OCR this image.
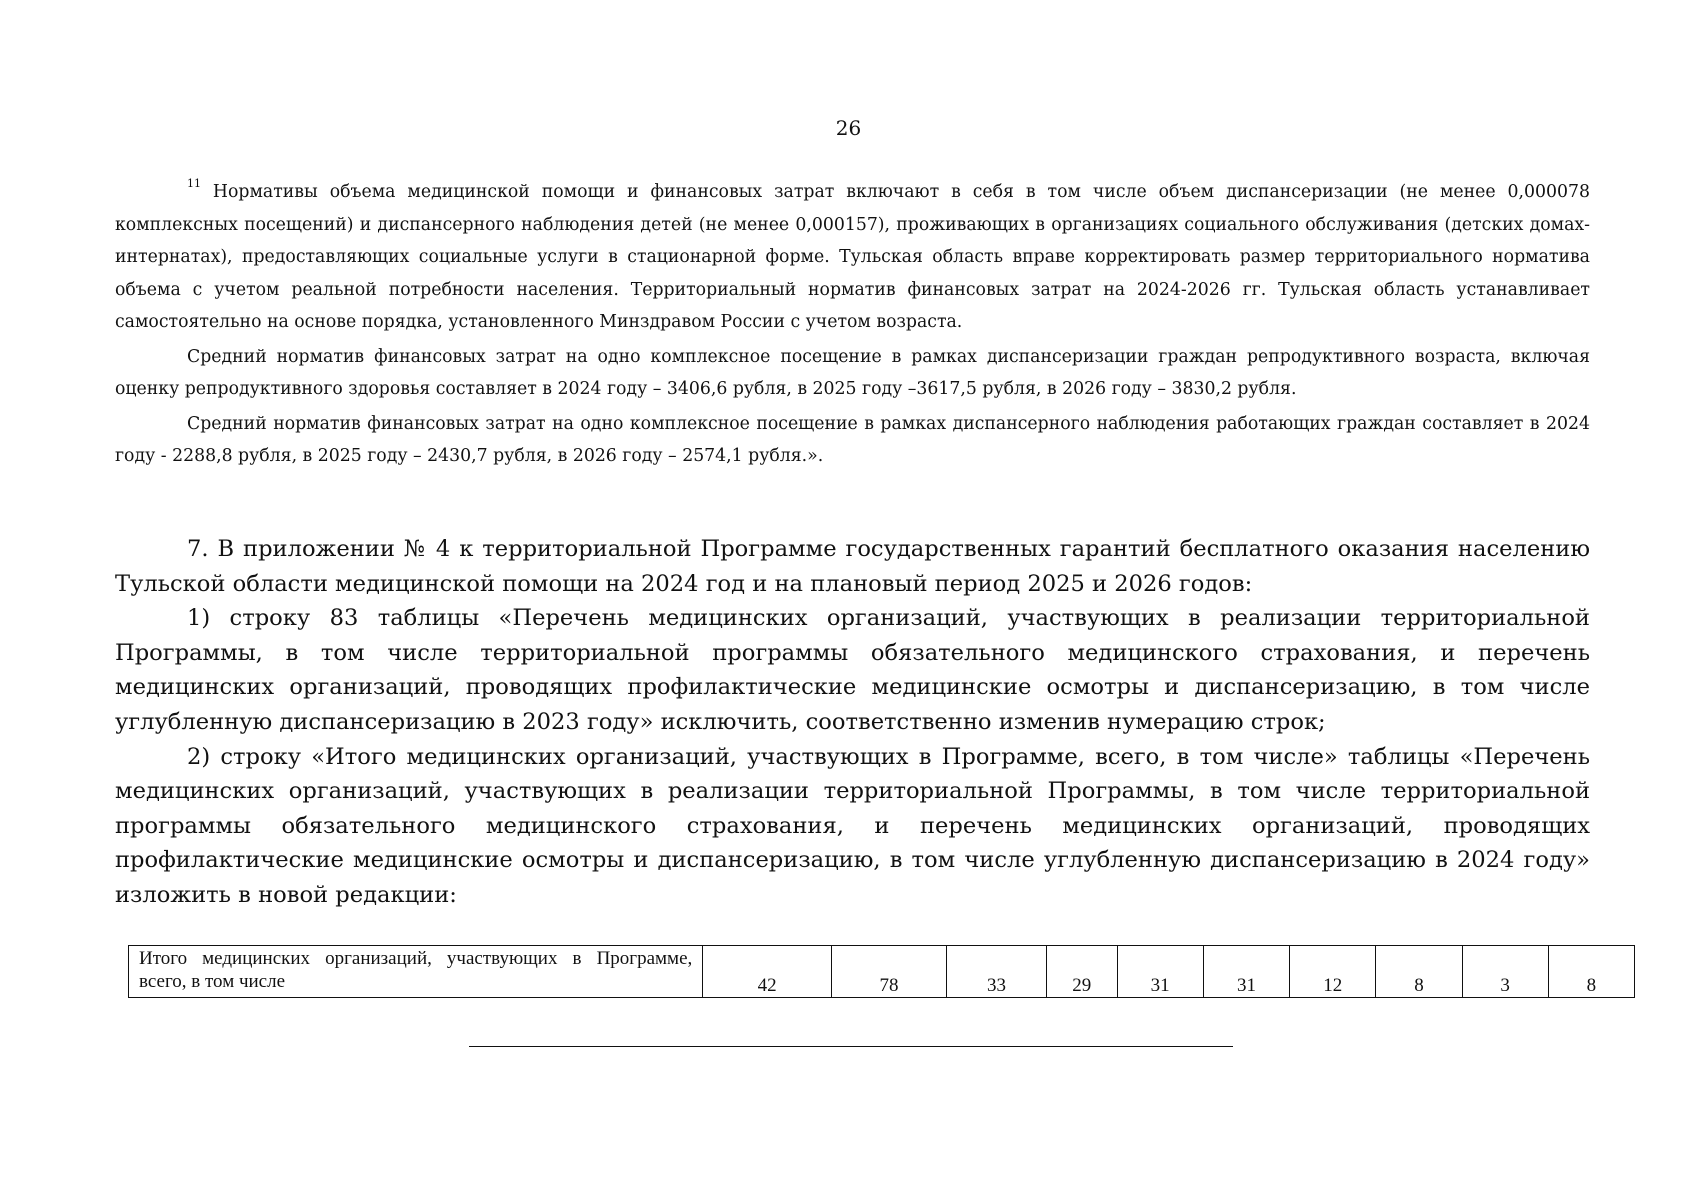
26

$^{11}$ Нормативы объема медицинской помощи и финансовых затрат включают в себя в том числе объем диспансеризации (не менее 0,000078 комплексных посещений) и диспансерного наблюдения детей (не менее 0,000157), проживающих в организациях социального обслуживания (детских домах-интернатах), предоставляющих социальные услуги в стационарной форме. Тульская область вправе корректировать размер территориального норматива объема с учетом реальной потребности населения. Территориальный норматив финансовых затрат на 2024-2026 гг. Тульская область устанавливает самостоятельно на основе порядка, установленного Минздравом России с учетом возраста.

Средний норматив финансовых затрат на одно комплексное посещение в рамках диспансеризации граждан репродуктивного возраста, включая оценку репродуктивного здоровья составляет в 2024 году – 3406,6 рубля, в 2025 году –3617,5 рубля, в 2026 году – 3830,2 рубля.

Средний норматив финансовых затрат на одно комплексное посещение в рамках диспансерного наблюдения работающих граждан составляет в 2024 году - 2288,8 рубля, в 2025 году – 2430,7 рубля, в 2026 году – 2574,1 рубля.».

7. В приложении № 4 к территориальной Программе государственных гарантий бесплатного оказания населению Тульской области медицинской помощи на 2024 год и на плановый период 2025 и 2026 годов:

1) строку 83 таблицы «Перечень медицинских организаций, участвующих в реализации территориальной Программы, в том числе территориальной программы обязательного медицинского страхования, и перечень медицинских организаций, проводящих профилактические медицинские осмотры и диспансеризацию, в том числе углубленную диспансеризацию в 2023 году» исключить, соответственно изменив нумерацию строк;

2) строку «Итого медицинских организаций, участвующих в Программе, всего, в том числе» таблицы «Перечень медицинских организаций, участвующих в реализации территориальной Программы, в том числе территориальной программы обязательного медицинского страхования, и перечень медицинских организаций, проводящих профилактические медицинские осмотры и диспансеризацию, в том числе углубленную диспансеризацию в 2024 году» изложить в новой редакции:

Итого медицинских организаций, участвующих в Программе, всего, в том числе	42	78	33	29	31	31	12	8	3	8
